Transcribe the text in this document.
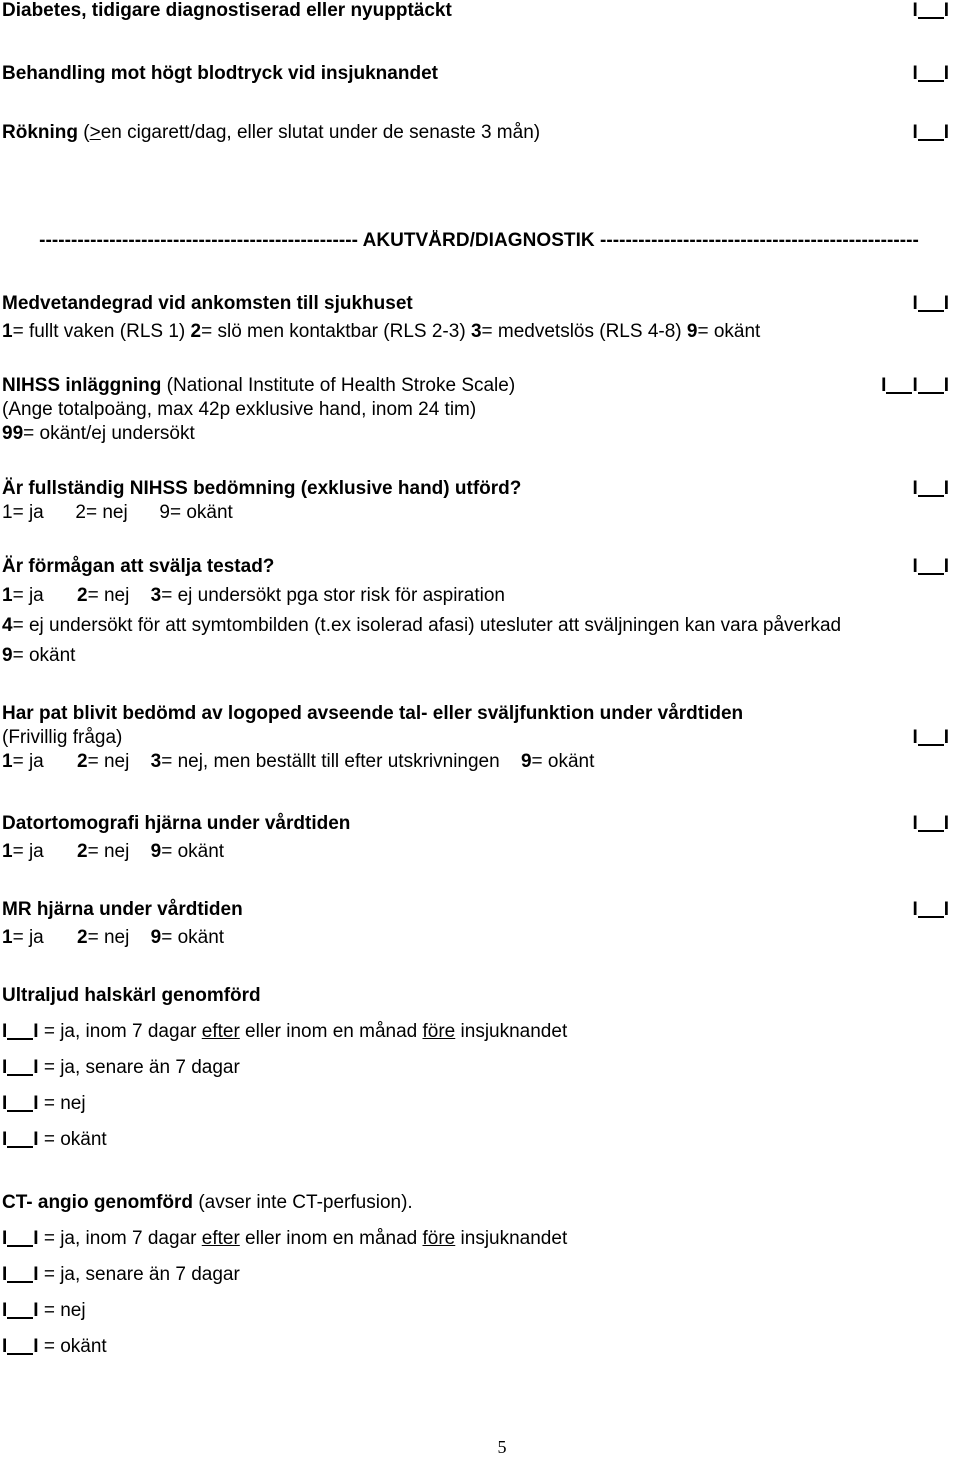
Diabetes, tidigare diagnostiserad eller nyupptäckt	I I
Behandling mot högt blodtryck vid insjuknandet	I I
Rökning (>en cigarett/dag, eller slutat under de senaste 3 mån)	I I
-------------------------------------------------- AKUTVÅRD/DIAGNOSTIK --------------------------------------------------
Medvetandegrad vid ankomsten till sjukhuset	I I
1= fullt vaken (RLS 1) 2= slö men kontaktbar (RLS 2-3) 3= medvetslös (RLS 4-8) 9= okänt
NIHSS inläggning (National Institute of Health Stroke Scale)	I I I
(Ange totalpoäng, max 42p exklusive hand, inom 24 tim)
99= okänt/ej undersökt
Är fullständig NIHSS bedömning (exklusive hand) utförd?	I I
1= ja      2= nej      9= okänt
Är förmågan att svälja testad?	I I
1= ja 2= nej 3= ej undersökt pga stor risk för aspiration
4= ej undersökt för att symtombilden (t.ex isolerad afasi) utesluter att sväljningen kan vara påverkad
9= okänt
Har pat blivit bedömd av logoped avseende tal- eller sväljfunktion under vårdtiden
(Frivillig fråga)	I I
1= ja 2= nej 3= nej, men beställt till efter utskrivningen 9= okänt
Datortomografi hjärna under vårdtiden	I I
1= ja 2= nej 9= okänt
MR hjärna under vårdtiden	I I
1= ja 2= nej 9= okänt
Ultraljud halskärl genomförd
I I = ja, inom 7 dagar efter eller inom en månad före insjuknandet
I I = ja, senare än 7 dagar
I I = nej
I I = okänt
CT- angio genomförd (avser inte CT-perfusion).
I I = ja, inom 7 dagar efter eller inom en månad före insjuknandet
I I = ja, senare än 7 dagar
I I = nej
I I = okänt
5
